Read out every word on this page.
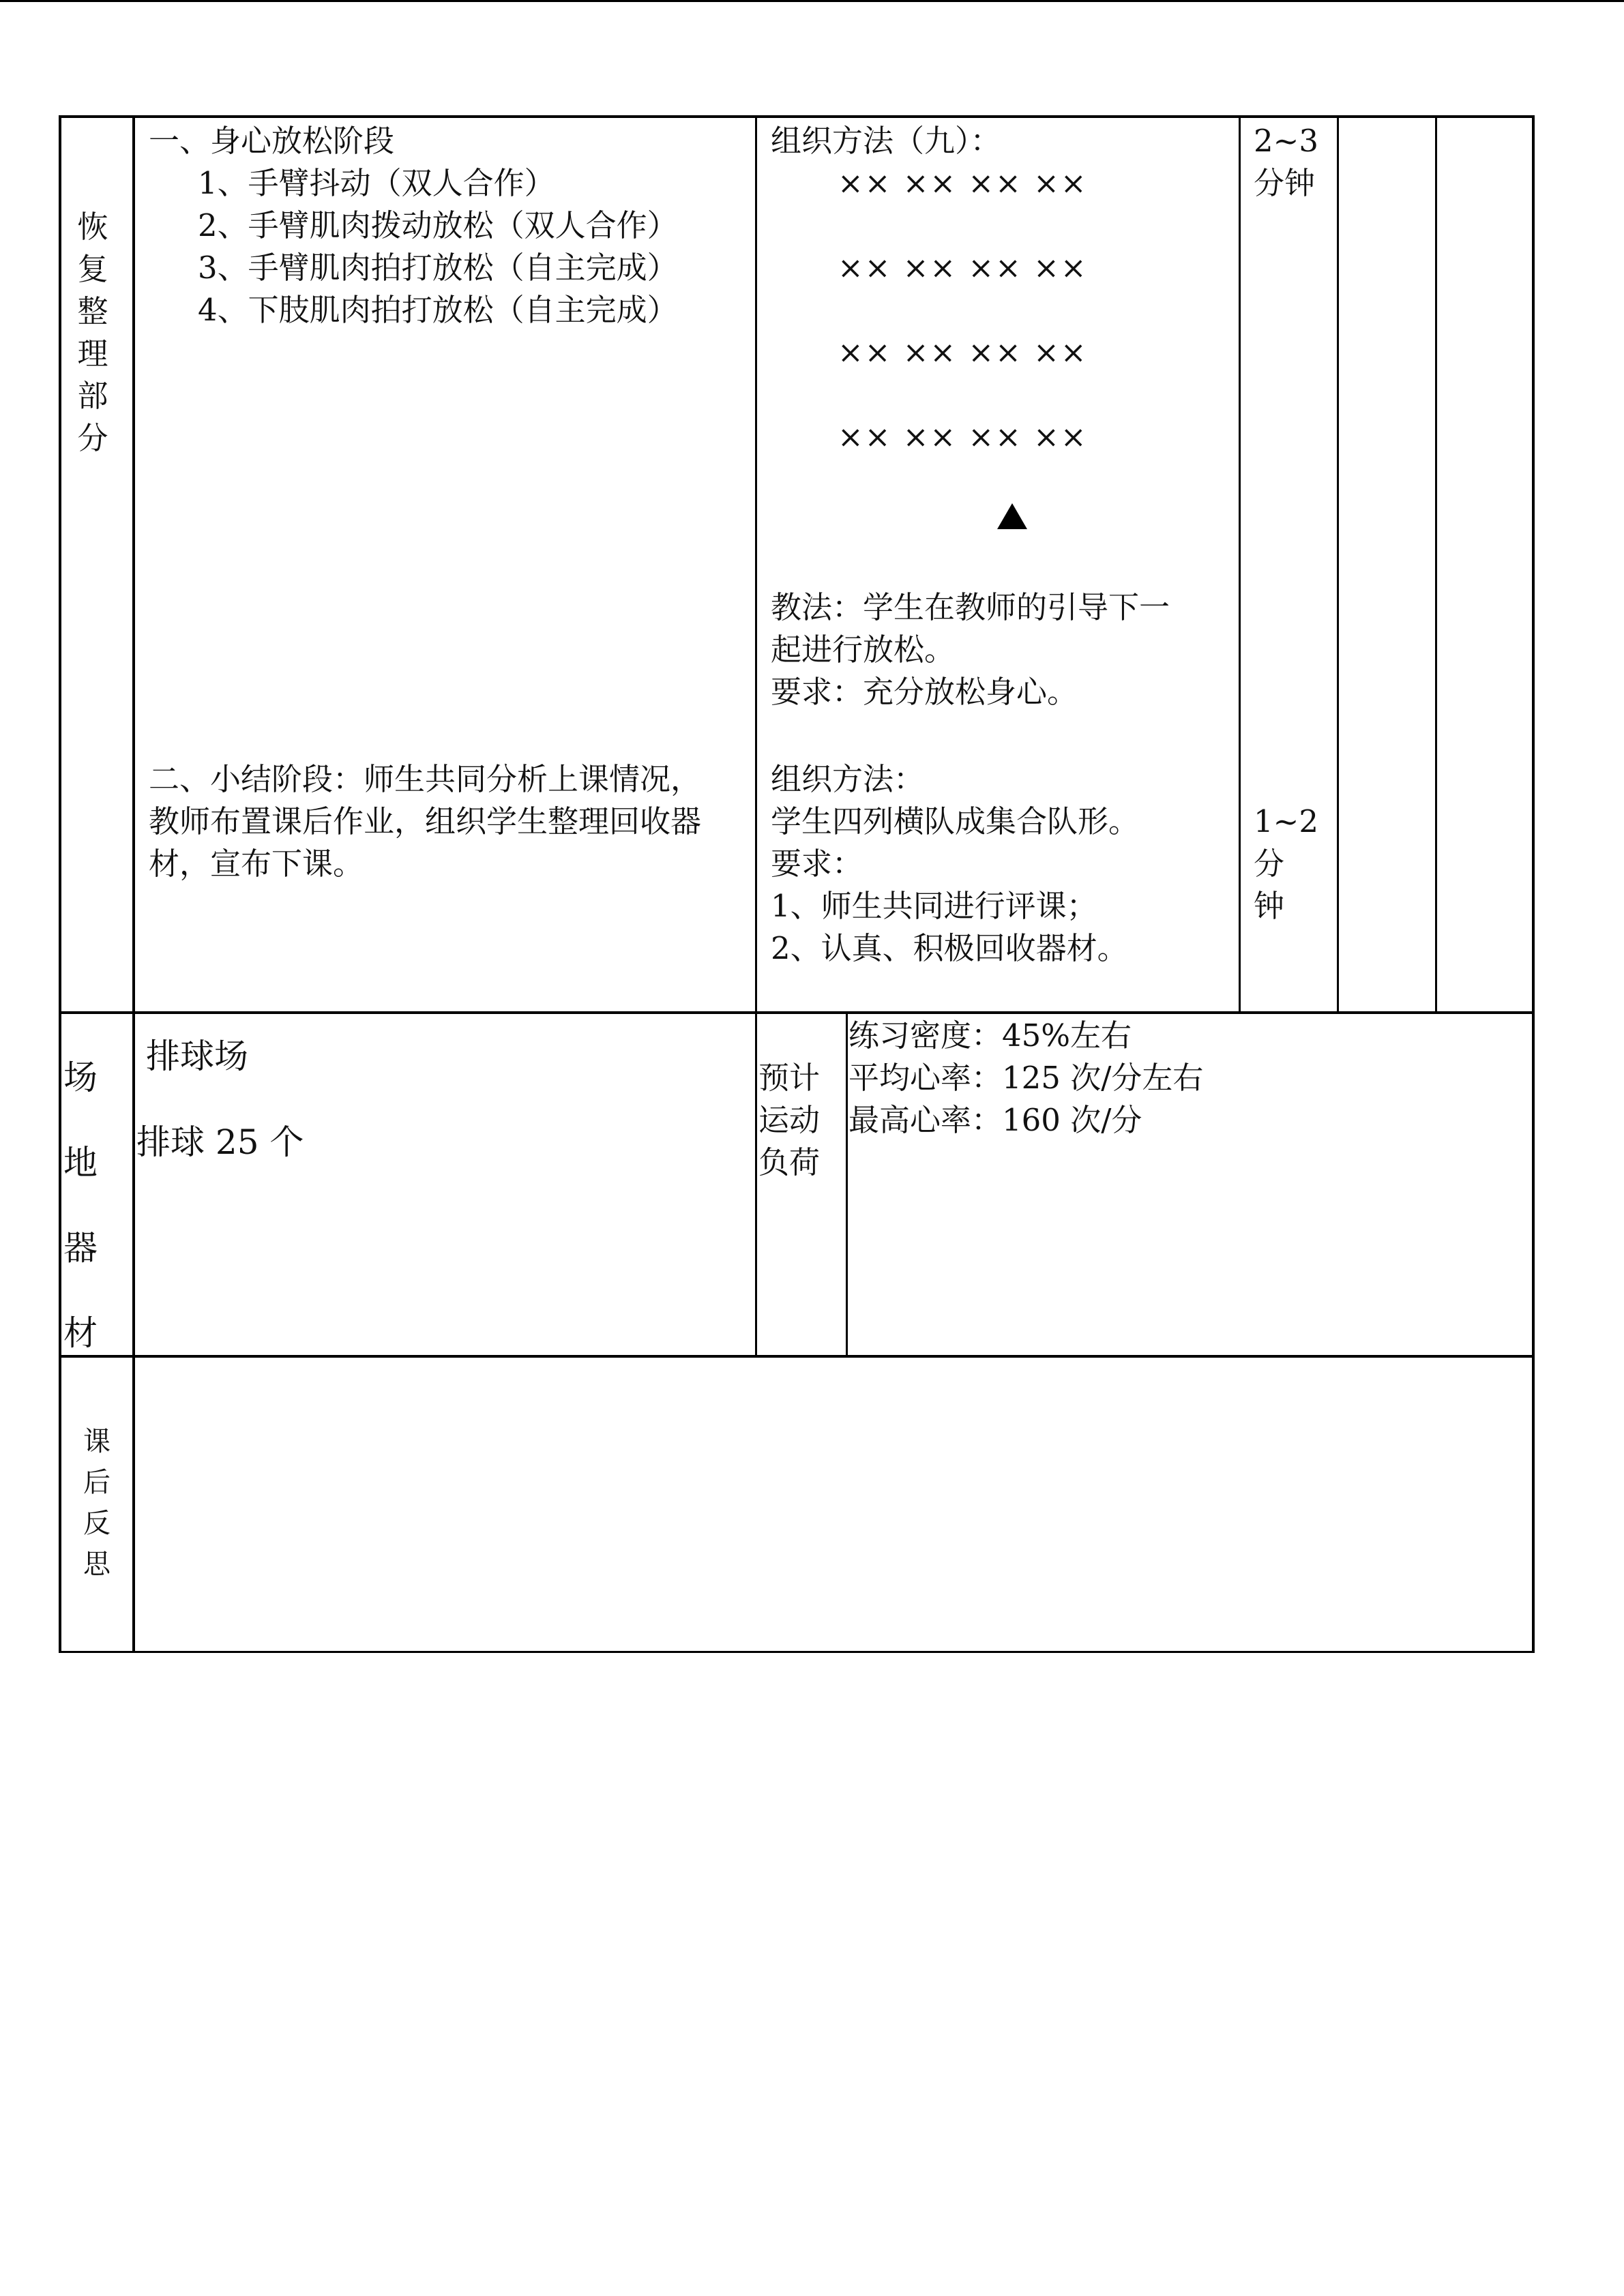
恢
复
整
理
部
分
一、身心放松阶段
1、手臂抖动（双人合作）
2、手臂肌肉拨动放松（双人合作）
3、手臂肌肉拍打放松（自主完成）
4、下肢肌肉拍打放松（自主完成）
二、小结阶段：师生共同分析上课情况，
教师布置课后作业，组织学生整理回收器
材，宣布下课。
组织方法（九）：
×× ×× ×× ××
×× ×× ×× ××
×× ×× ×× ××
×× ×× ×× ××
教法：学生在教师的引导下一
起进行放松。
要求：充分放松身心。
组织方法：
学生四列横队成集合队形。
要求：
1、师生共同进行评课；
2、认真、积极回收器材。
2~3
分钟
1~2
分
钟
场
地
器
材
排球场
排球 25 个
预计
运动
负荷
练习密度：45%左右
平均心率：125 次/分左右
最高心率：160 次/分
课
后
反
思
